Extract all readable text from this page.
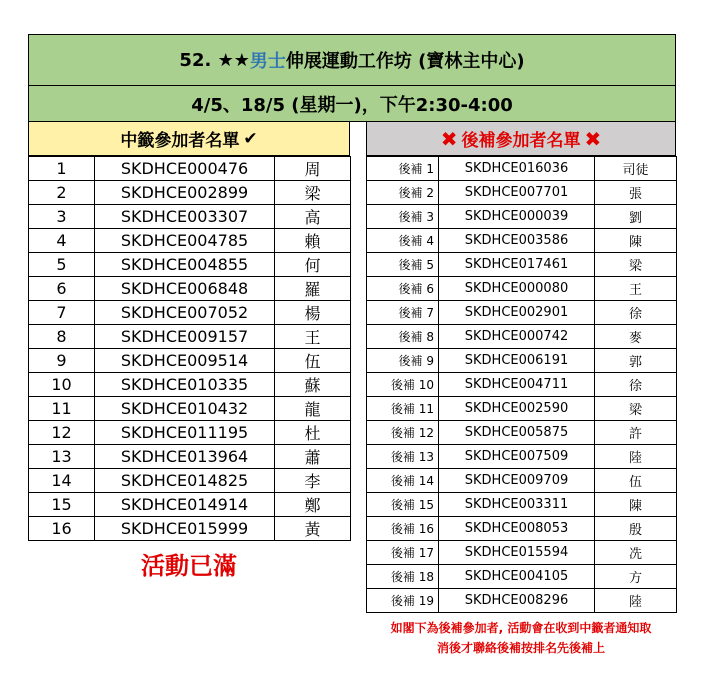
52. ★★ 男士 伸展運動工作坊 (寶林主中心)
4/5、18/5 (星期一)，下午2:30-4:00
中籤參加者名單 ✔	✖ 後補參加者名單 ✖
1	SKDHCE000476	周
2	SKDHCE002899	梁
3	SKDHCE003307	高
4	SKDHCE004785	賴
5	SKDHCE004855	何
6	SKDHCE006848	羅
7	SKDHCE007052	楊
8	SKDHCE009157	王
9	SKDHCE009514	伍
10	SKDHCE010335	蘇
11	SKDHCE010432	龍
12	SKDHCE011195	杜
13	SKDHCE013964	蕭
14	SKDHCE014825	李
15	SKDHCE014914	鄭
16	SKDHCE015999	黃
後補 1	SKDHCE016036	司徒
後補 2	SKDHCE007701	張
後補 3	SKDHCE000039	劉
後補 4	SKDHCE003586	陳
後補 5	SKDHCE017461	梁
後補 6	SKDHCE000080	王
後補 7	SKDHCE002901	徐
後補 8	SKDHCE000742	麥
後補 9	SKDHCE006191	郭
後補 10	SKDHCE004711	徐
後補 11	SKDHCE002590	梁
後補 12	SKDHCE005875	許
後補 13	SKDHCE007509	陸
後補 14	SKDHCE009709	伍
後補 15	SKDHCE003311	陳
後補 16	SKDHCE008053	殷
後補 17	SKDHCE015594	冼
後補 18	SKDHCE004105	方
後補 19	SKDHCE008296	陸
活動已滿
如閣下為後補參加者, 活動會在收到中籤者通知取
消後才聯絡後補按排名先後補上
